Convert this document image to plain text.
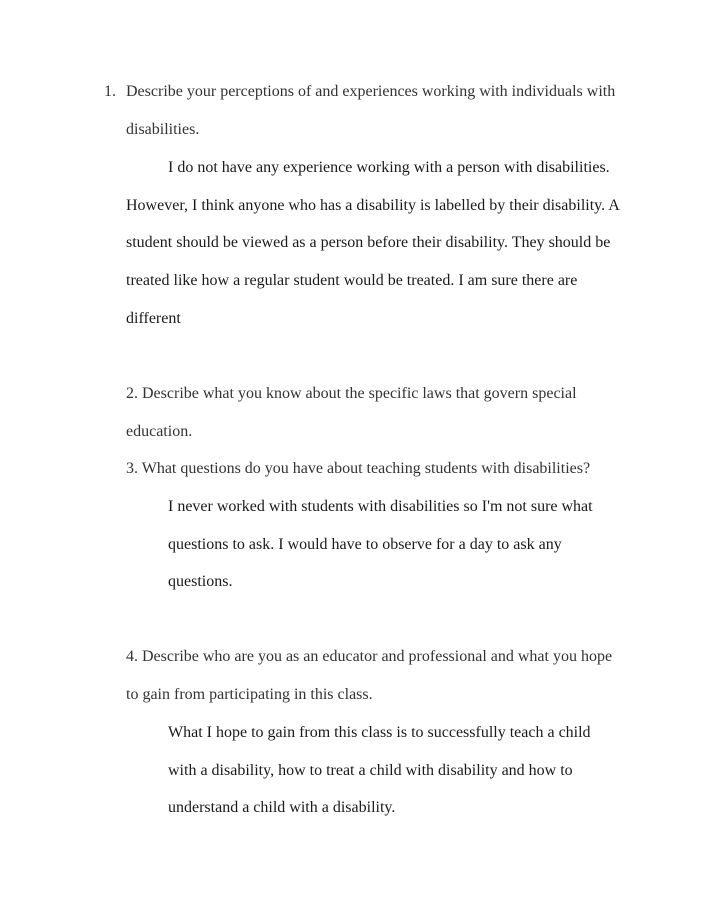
1. Describe your perceptions of and experiences working with individuals with
disabilities.
I do not have any experience working with a person with disabilities.
However, I think anyone who has a disability is labelled by their disability. A
student should be viewed as a person before their disability. They should be
treated like how a regular student would be treated. I am sure there are
different
2. Describe what you know about the specific laws that govern special
education.
3. What questions do you have about teaching students with disabilities?
I never worked with students with disabilities so I'm not sure what
questions to ask. I would have to observe for a day to ask any
questions.
4. Describe who are you as an educator and professional and what you hope
to gain from participating in this class.
What I hope to gain from this class is to successfully teach a child
with a disability, how to treat a child with disability and how to
understand a child with a disability.
